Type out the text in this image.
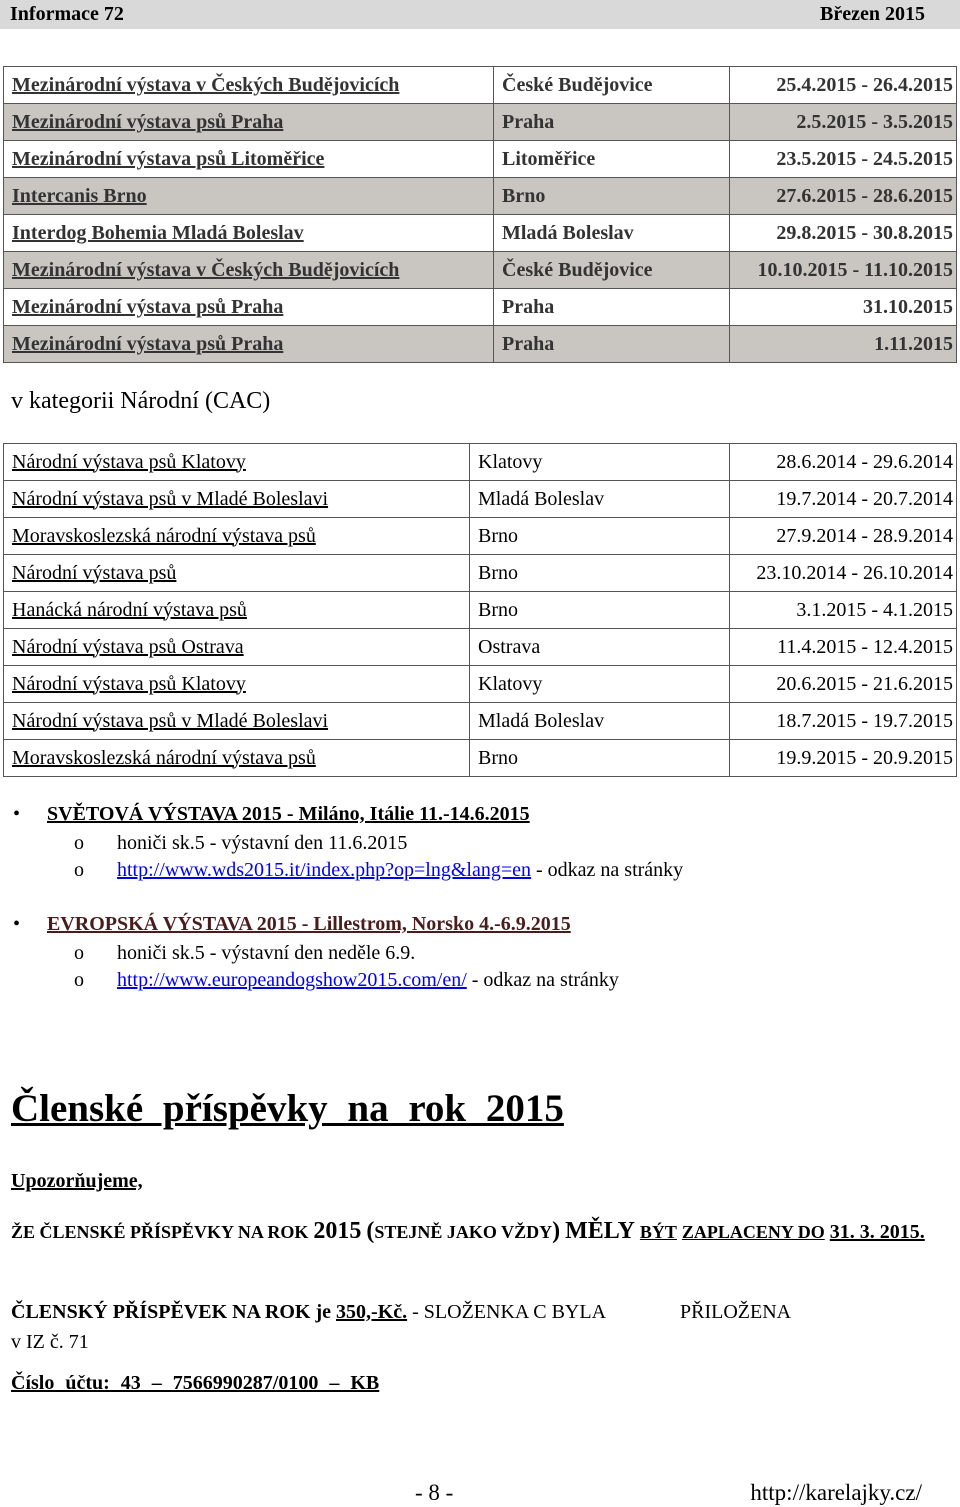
Informace 72	Březen 2015
Mezinárodní výstava v Českých Budějovicích	České Budějovice	25.4.2015 - 26.4.2015
Mezinárodní výstava psů Praha	Praha	2.5.2015 - 3.5.2015
Mezinárodní výstava psů Litoměřice	Litoměřice	23.5.2015 - 24.5.2015
Intercanis Brno	Brno	27.6.2015 - 28.6.2015
Interdog Bohemia Mladá Boleslav	Mladá Boleslav	29.8.2015 - 30.8.2015
Mezinárodní výstava v Českých Budějovicích	České Budějovice	10.10.2015 - 11.10.2015
Mezinárodní výstava psů Praha	Praha	31.10.2015
Mezinárodní výstava psů Praha	Praha	1.11.2015
v kategorii Národní (CAC)
Národní výstava psů Klatovy	Klatovy	28.6.2014 - 29.6.2014
Národní výstava psů v Mladé Boleslavi	Mladá Boleslav	19.7.2014 - 20.7.2014
Moravskoslezská národní výstava psů	Brno	27.9.2014 - 28.9.2014
Národní výstava psů	Brno	23.10.2014 - 26.10.2014
Hanácká národní výstava psů	Brno	3.1.2015 - 4.1.2015
Národní výstava psů Ostrava	Ostrava	11.4.2015 - 12.4.2015
Národní výstava psů Klatovy	Klatovy	20.6.2015 - 21.6.2015
Národní výstava psů v Mladé Boleslavi	Mladá Boleslav	18.7.2015 - 19.7.2015
Moravskoslezská národní výstava psů	Brno	19.9.2015 - 20.9.2015
• SVĚTOVÁ VÝSTAVA 2015 - Miláno, Itálie 11.-14.6.2015
o honiči sk.5 - výstavní den 11.6.2015
o http://www.wds2015.it/index.php?op=lng&lang=en - odkaz na stránky
• EVROPSKÁ VÝSTAVA 2015 - Lillestrom, Norsko 4.-6.9.2015
o honiči sk.5 - výstavní den neděle 6.9.
o http://www.europeandogshow2015.com/en/ - odkaz na stránky
Členské příspěvky na rok 2015

Upozorňujeme,

ŽE ČLENSKÉ PŘÍSPĚVKY NA ROK 2015 (STEJNĚ JAKO VŽDY) MĚLY BÝT ZAPLACENY DO 31. 3. 2015.

ČLENSKÝ PŘÍSPĚVEK NA ROK je 350,-Kč. - SLOŽENKA C BYLA	PŘILOŽENA
v IZ č. 71

Číslo účtu: 43 – 7566990287/0100 – KB

- 8 -	http://karelajky.cz/
